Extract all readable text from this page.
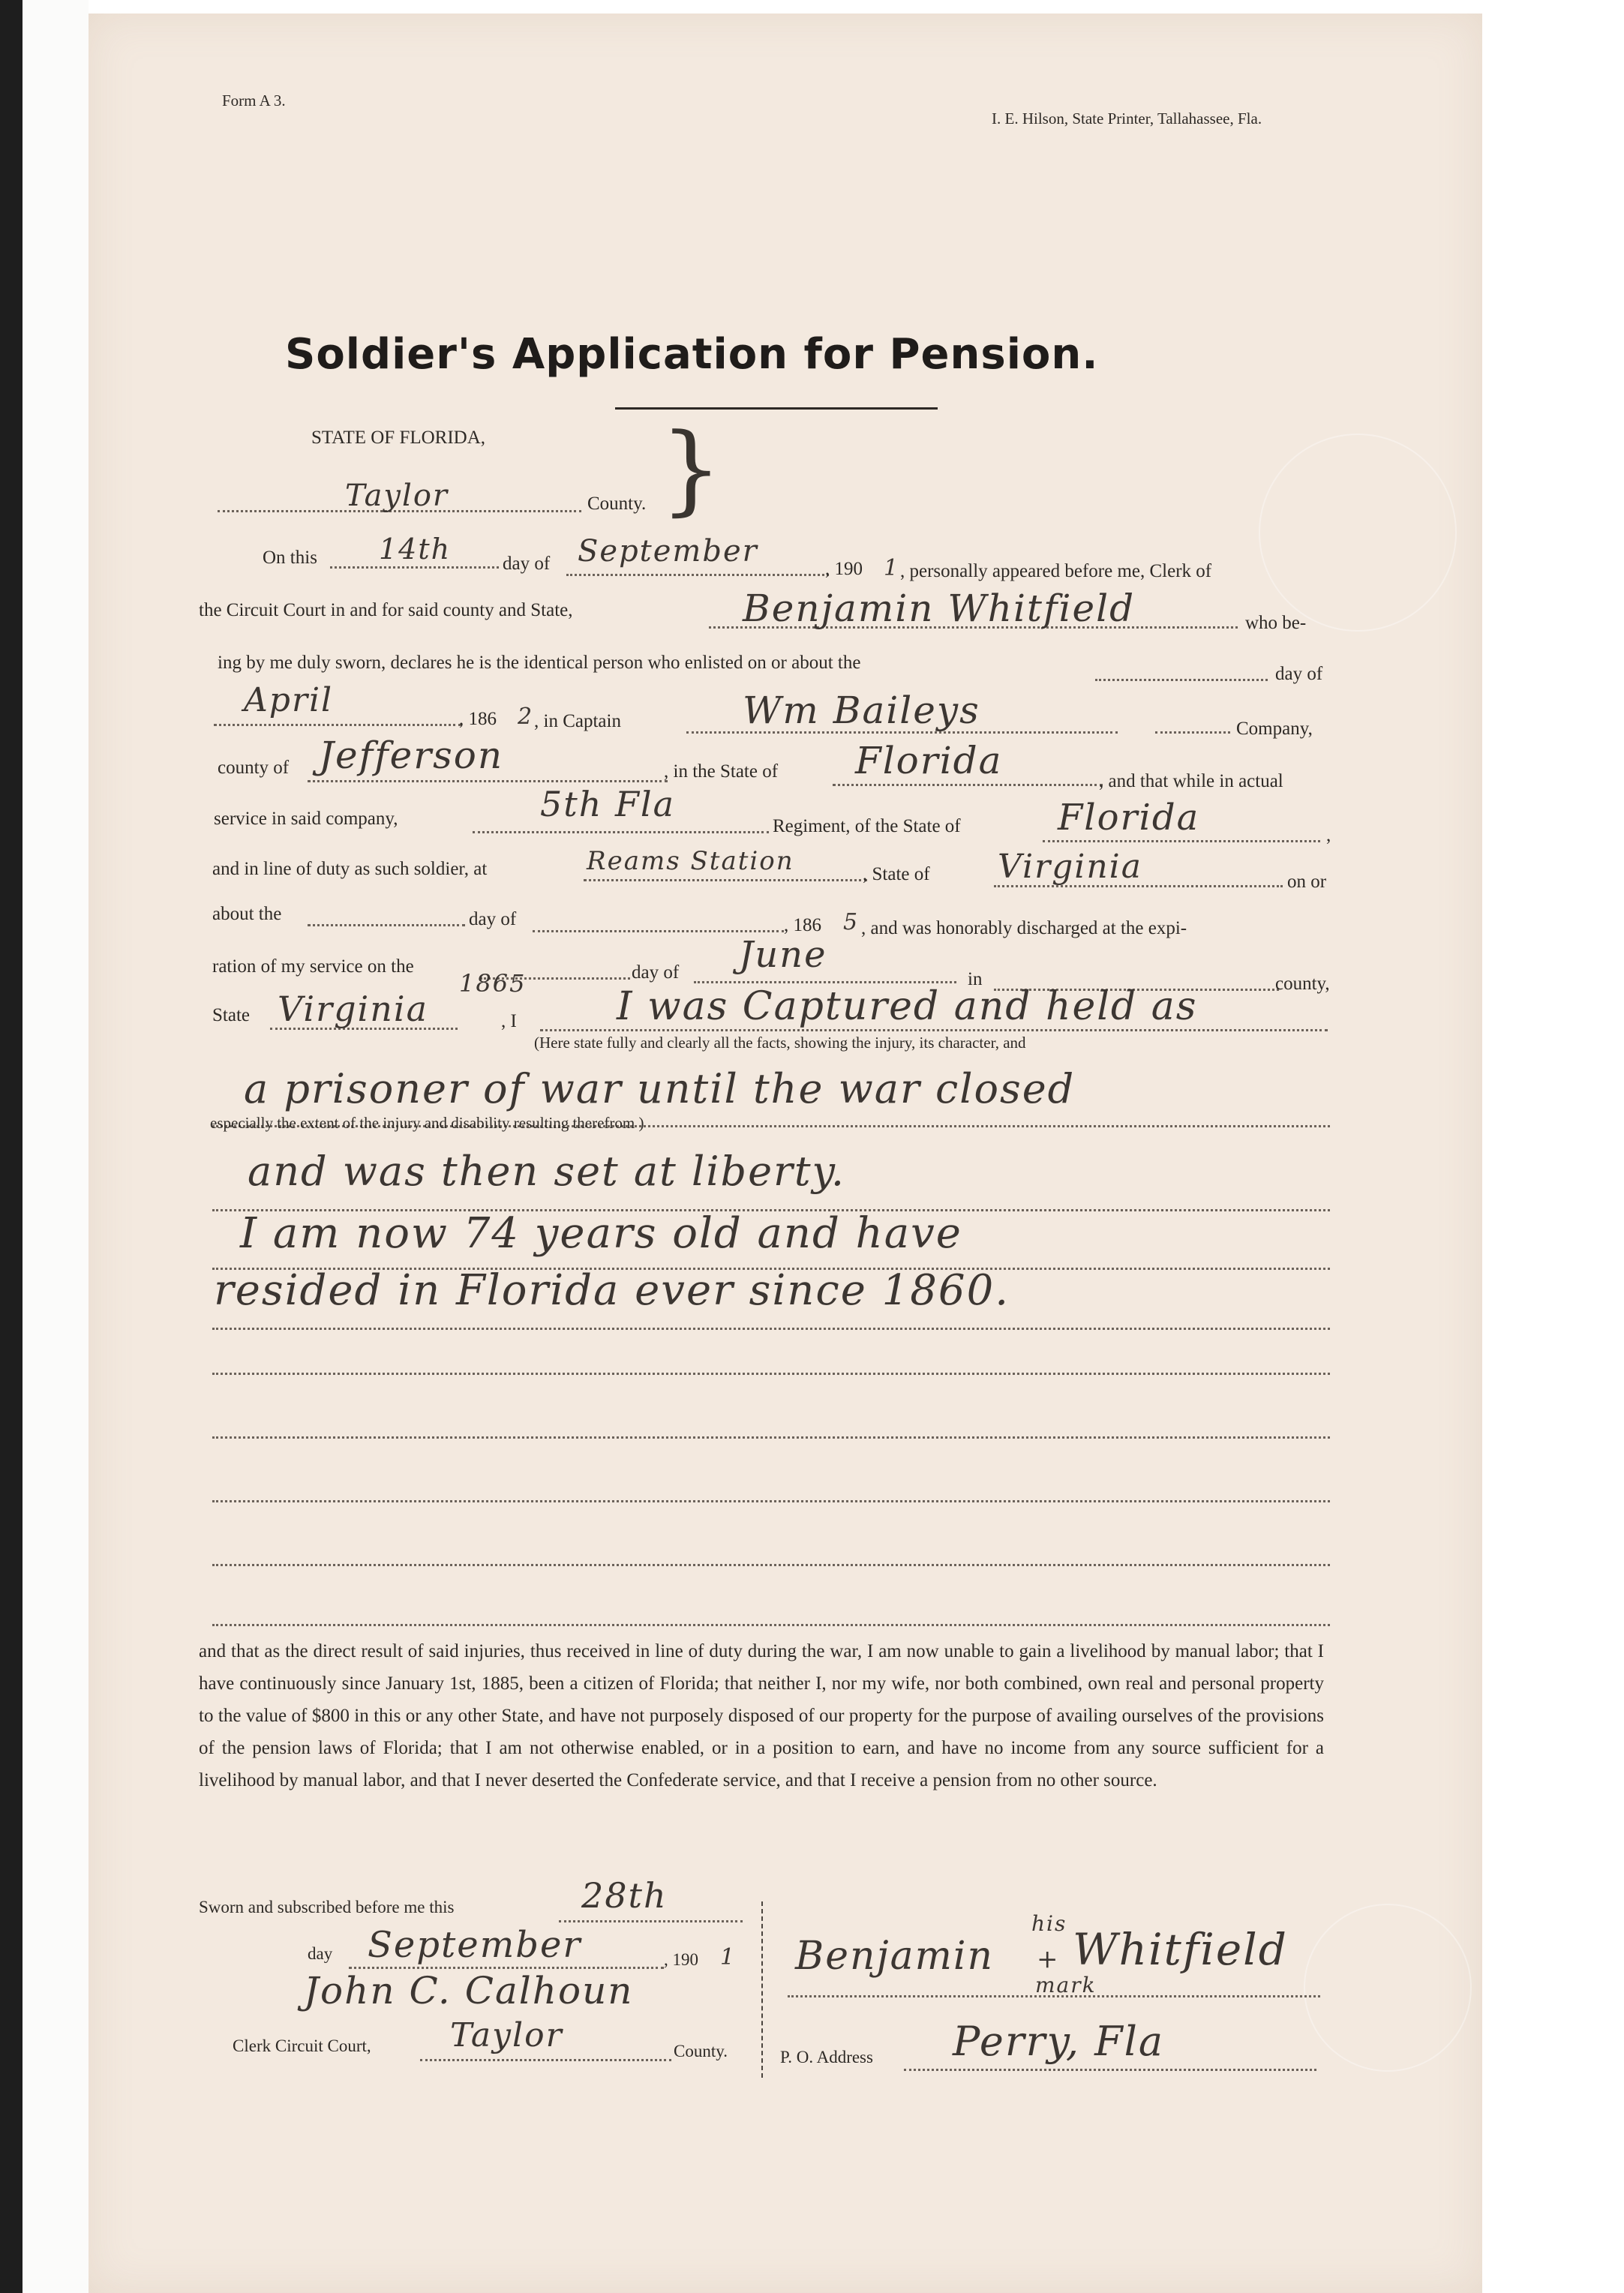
Form A 3.
I. E. Hilson, State Printer, Tallahassee, Fla.
Soldier's Application for Pension.
STATE OF FLORIDA,
Taylor	County. }
On this 14th	day of September
, 190 1 , personally appeared before me, Clerk of
the Circuit Court in and for said county and State,	Benjamin Whitfield	who be-
ing by me duly sworn, declares he is the identical person who enlisted on or about the
day of
April	, 186 2 , in Captain	Wm Baileys	Company,
county of Jefferson	, in the State of Florida	, and that while in actual
service in said company,	5th Fla
Regiment, of the State of	Florida	,
and in line of duty as such soldier, at	Reams Station	, State of Virginia	on or
about the	day of	, 186 5 , and was honorably discharged at the expi-
ration of my service on the	day of June
in	county,
State Virginia
1865
, I	I was Captured and held as
(Here state fully and clearly all the facts, showing the injury, its character, and
a prisoner of war until the war closed
especially the extent of the injury and disability resulting therefrom )
and was then set at liberty.
I am now 74 years old and have
resided in Florida ever since 1860.
and that as the direct result of said injuries, thus received in line of duty during the war, I am now unable to gain a livelihood by manual labor; that I have continuously since January 1st, 1885, been a citizen of Florida; that neither I, nor my wife, nor both combined, own real and personal property to the value of $800 in this or any other State, and have not purposely disposed of our property for the purpose of availing ourselves of the provisions of the pension laws of Florida; that I am not otherwise enabled, or in a position to earn, and have no income from any source sufficient for a livelihood by manual labor, and that I never deserted the Confederate service, and that I receive a pension from no other source.
Sworn and subscribed before me this	28th
day September	, 190 1
John C. Calhoun
Clerk Circuit Court, Taylor	County.
Benjamin
his
+
mark
Whitfield
P. O. Address Perry, Fla
